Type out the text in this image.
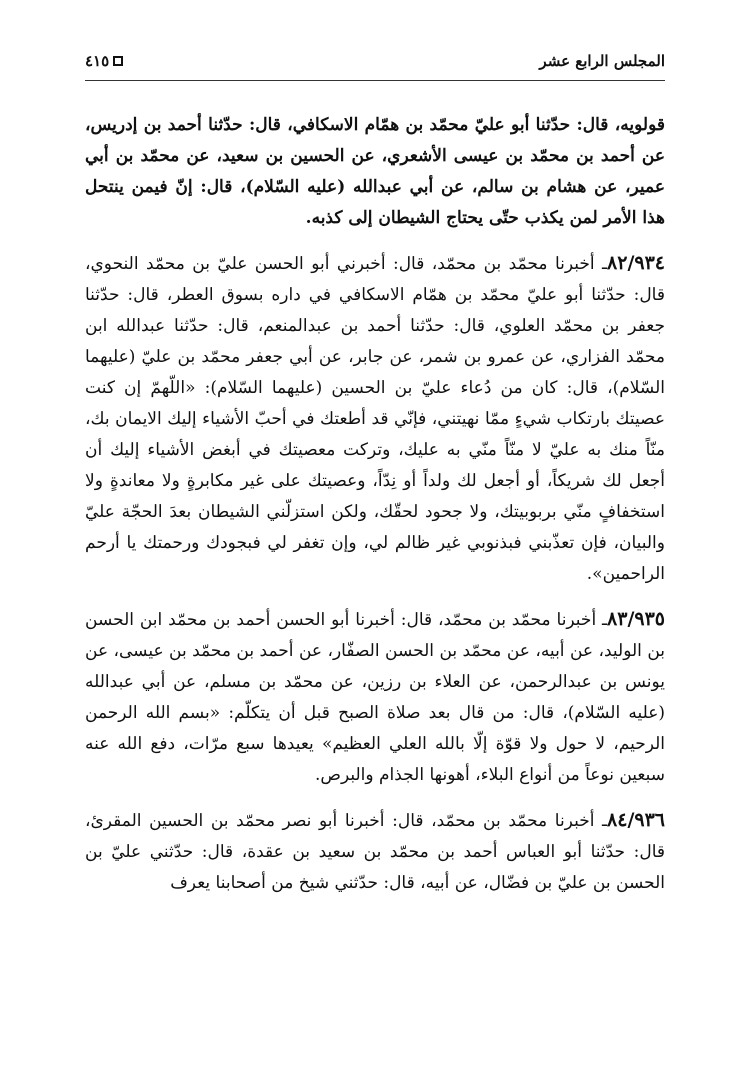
المجلس الرابع عشر
٤١٥

قولويه، قال: حدّثنا أبو عليّ محمّد بن همّام الاسكافي، قال: حدّثنا أحمد بن إدريس، عن أحمد بن محمّد بن عيسى الأشعري، عن الحسين بن سعيد، عن محمّد بن أبي عمير، عن هشام بن سالم، عن أبي عبدالله (عليه السّلام)، قال: إنّ فيمن ينتحل هذا الأمر لمن يكذب حتّى يحتاج الشيطان إلى كذبه.

٨٢/٩٣٤ـ أخبرنا محمّد بن محمّد، قال: أخبرني أبو الحسن عليّ بن محمّد النحوي، قال: حدّثنا أبو عليّ محمّد بن همّام الاسكافي في داره بسوق العطر، قال: حدّثنا جعفر بن محمّد العلوي، قال: حدّثنا أحمد بن عبدالمنعم، قال: حدّثنا عبدالله ابن محمّد الفزاري، عن عمرو بن شمر، عن جابر، عن أبي جعفر محمّد بن عليّ (عليهما السّلام)، قال: كان من دُعاء عليّ بن الحسين (عليهما السّلام): «اللّهمّ إن كنت عصيتك بارتكاب شيءٍ ممّا نهيتني، فإنّي قد أطعتك في أحبّ الأشياء إليك الايمان بك، منّاً منك به عليّ لا منّاً منّي به عليك، وتركت معصيتك في أبغض الأشياء إليك أن أجعل لك شريكاً، أو أجعل لك ولداً أو نِدّاً، وعصيتك على غير مكابرةٍ ولا معاندةٍ ولا استخفافٍ منّي بربوبيتك، ولا جحود لحقّك، ولكن استزلّني الشيطان بعدَ الحجّة عليّ والبيان، فإن تعذّبني فبذنوبي غير ظالم لي، وإن تغفر لي فبجودك ورحمتك يا أرحم الراحمين».

٨٣/٩٣٥ـ أخبرنا محمّد بن محمّد، قال: أخبرنا أبو الحسن أحمد بن محمّد ابن الحسن بن الوليد، عن أبيه، عن محمّد بن الحسن الصفّار، عن أحمد بن محمّد بن عيسى، عن يونس بن عبدالرحمن، عن العلاء بن رزين، عن محمّد بن مسلم، عن أبي عبدالله (عليه السّلام)، قال: من قال بعد صلاة الصبح قبل أن يتكلّم: «بسم الله الرحمن الرحيم، لا حول ولا قوّة إلّا بالله العلي العظيم» يعيدها سبع مرّات، دفع الله عنه سبعين نوعاً من أنواع البلاء، أهونها الجذام والبرص.

٨٤/٩٣٦ـ أخبرنا محمّد بن محمّد، قال: أخبرنا أبو نصر محمّد بن الحسين المقرئ، قال: حدّثنا أبو العباس أحمد بن محمّد بن سعيد بن عقدة، قال: حدّثني عليّ بن الحسن بن عليّ بن فضّال، عن أبيه، قال: حدّثني شيخ من أصحابنا يعرف
